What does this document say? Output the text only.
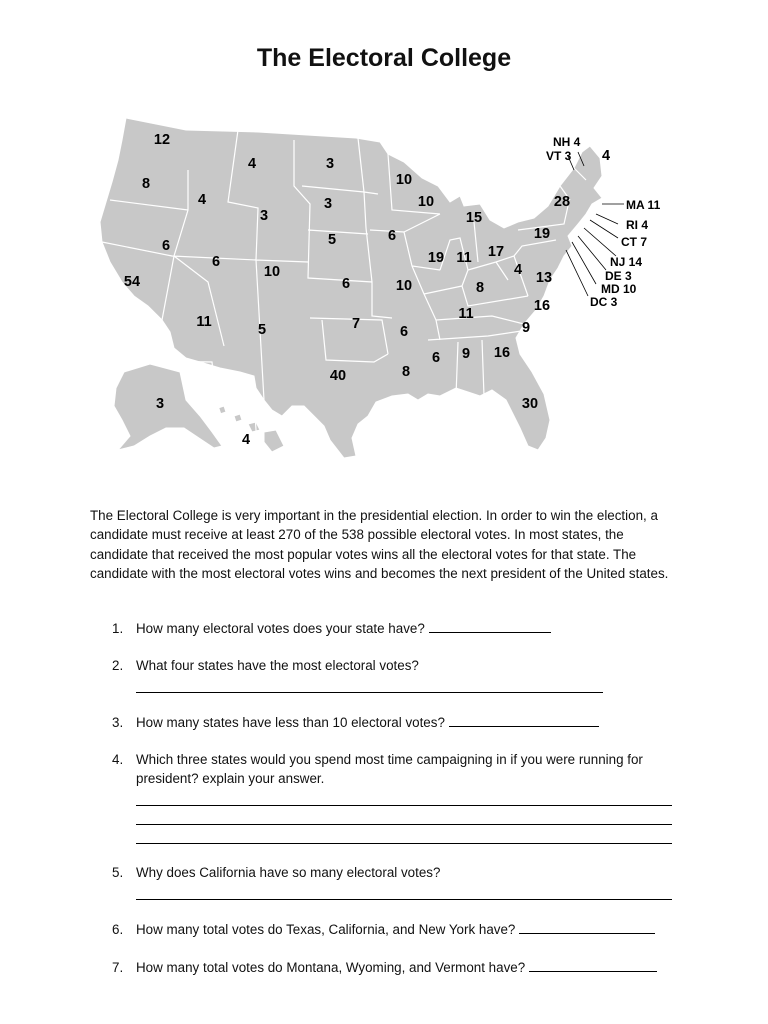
The Electoral College
12
8
54
6
4
4	3
3
6
10
11	5
3
5
6
7
40
10
6
10
6
8
10
19 11
15
17
8
11
6 9 16
30
9
16
13
4
19
28
4
3
4
NH 4
VT 3
MA 11
RI 4
CT 7
NJ 14
DE 3
MD 10
DC 3

The Electoral College is very important in the presidential election. In order to win the election, a candidate must receive at least 270 of the 538 possible electoral votes. In most states, the candidate that received the most popular votes wins all the electoral votes for that state. The candidate with the most electoral votes wins and becomes the next president of the United states.

1. How many electoral votes does your state have?
2. What four states have the most electoral votes?
3. How many states have less than 10 electoral votes?
4. Which three states would you spend most time campaigning in if you were running for president? explain your answer.
5. Why does California have so many electoral votes?
6. How many total votes do Texas, California, and New York have?
7. How many total votes do Montana, Wyoming, and Vermont have?
